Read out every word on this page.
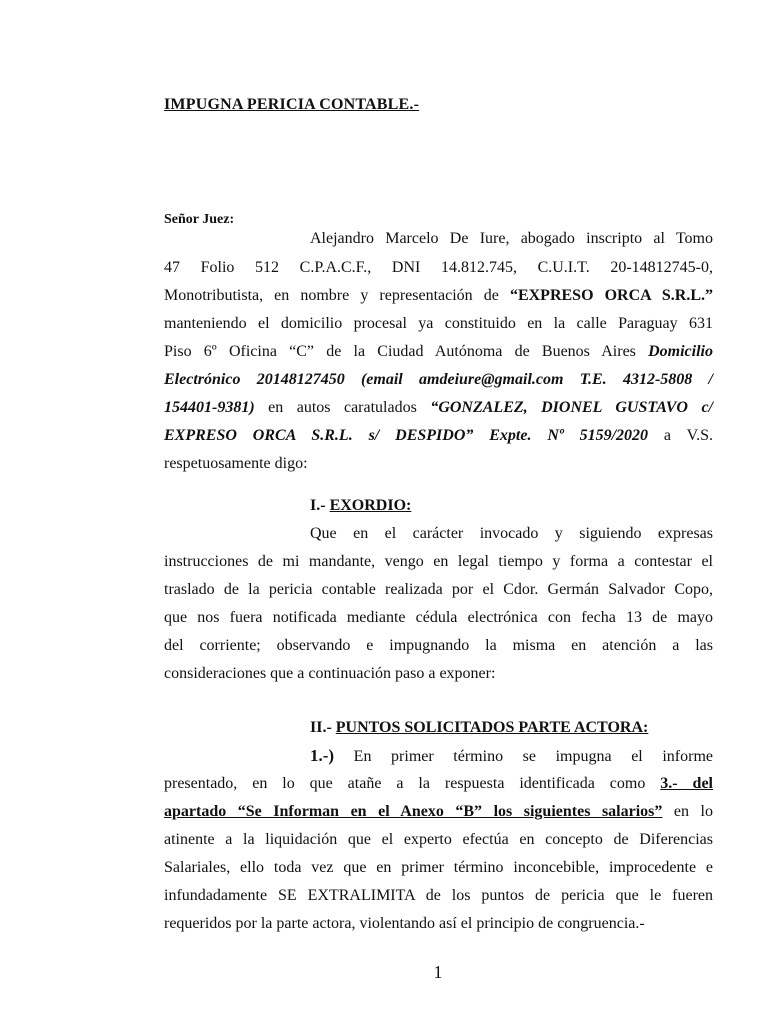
IMPUGNA PERICIA CONTABLE.-
Señor Juez:
Alejandro Marcelo De Iure, abogado inscripto al Tomo
47 Folio 512 C.P.A.C.F., DNI 14.812.745, C.U.I.T. 20-14812745-0,
Monotributista, en nombre y representación de “EXPRESO ORCA S.R.L.”
manteniendo el domicilio procesal ya constituido en la calle Paraguay 631
Piso 6º Oficina “C” de la Ciudad Autónoma de Buenos Aires Domicilio
Electrónico 20148127450 (email amdeiure@gmail.com T.E. 4312-5808 /
154401-9381) en autos caratulados “GONZALEZ, DIONEL GUSTAVO c/
EXPRESO ORCA S.R.L. s/ DESPIDO” Expte. Nº 5159/2020 a V.S.
respetuosamente digo:
I.- EXORDIO:
Que en el carácter invocado y siguiendo expresas
instrucciones de mi mandante, vengo en legal tiempo y forma a contestar el
traslado de la pericia contable realizada por el Cdor. Germán Salvador Copo,
que nos fuera notificada mediante cédula electrónica con fecha 13 de mayo
del corriente; observando e impugnando la misma en atención a las
consideraciones que a continuación paso a exponer:
II.- PUNTOS SOLICITADOS PARTE ACTORA:
1.-) En primer término se impugna el informe
presentado, en lo que atañe a la respuesta identificada como 3.- del
apartado “Se Informan en el Anexo “B” los siguientes salarios” en lo
atinente a la liquidación que el experto efectúa en concepto de Diferencias
Salariales, ello toda vez que en primer término inconcebible, improcedente e
infundadamente SE EXTRALIMITA de los puntos de pericia que le fueren
requeridos por la parte actora, violentando así el principio de congruencia.-
1
